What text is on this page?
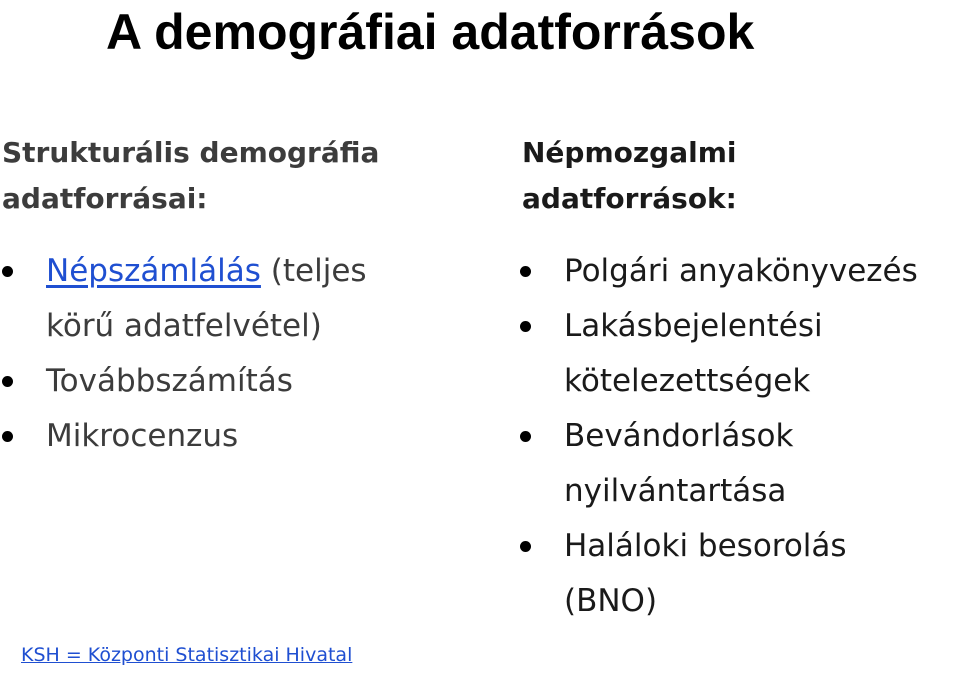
A demográfiai adatforrások
Strukturális demográfia
adatforrásai:
Népszámlálás (teljes
körű adatfelvétel)
Továbbszámítás
Mikrocenzus
Népmozgalmi
adatforrások:
Polgári anyakönyvezés
Lakásbejelentési
kötelezettségek
Bevándorlások
nyilvántartása
Haláloki besorolás
(BNO)
KSH = Központi Statisztikai Hivatal
